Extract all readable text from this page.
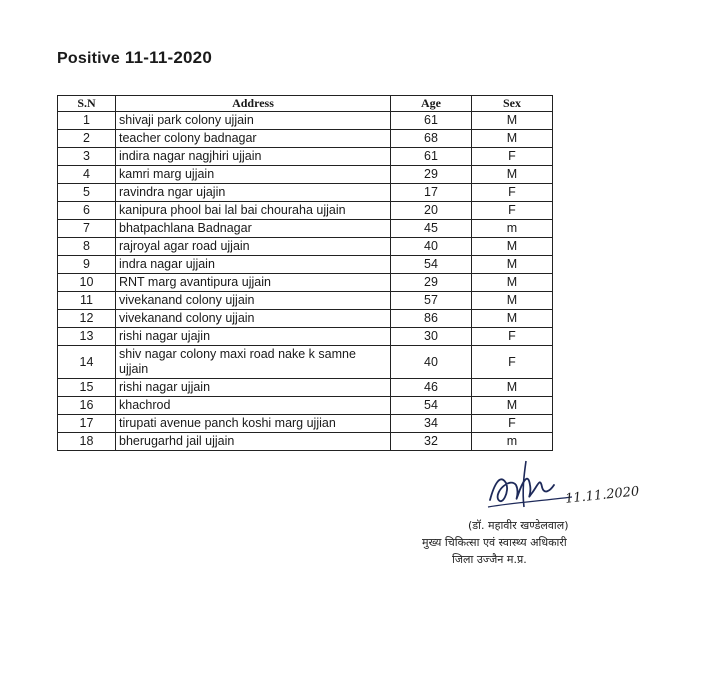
Positive 11-11-2020
S.N	Address	Age	Sex
1	shivaji park colony ujjain	61	M
2	teacher colony badnagar	68	M
3	indira nagar nagjhiri ujjain	61	F
4	kamri marg ujjain	29	M
5	ravindra ngar ujajin	17	F
6	kanipura phool bai lal bai chouraha ujjain	20	F
7	bhatpachlana Badnagar	45	m
8	rajroyal agar road ujjain	40	M
9	indra nagar ujjain	54	M
10	RNT marg avantipura ujjain	29	M
11	vivekanand colony ujjain	57	M
12	vivekanand colony ujjain	86	M
13	rishi nagar ujajin	30	F
14	shiv nagar colony maxi road nake k samne ujjain	40	F
15	rishi nagar ujjain	46	M
16	khachrod	54	M
17	tirupati avenue panch koshi marg ujjian	34	F
18	bherugarhd jail ujjain	32	m
11.11.2020
(डॉ. महावीर खण्डेलवाल)
मुख्य चिकित्सा एवं स्वास्थ्य अधिकारी
जिला उज्जैन म.प्र.
